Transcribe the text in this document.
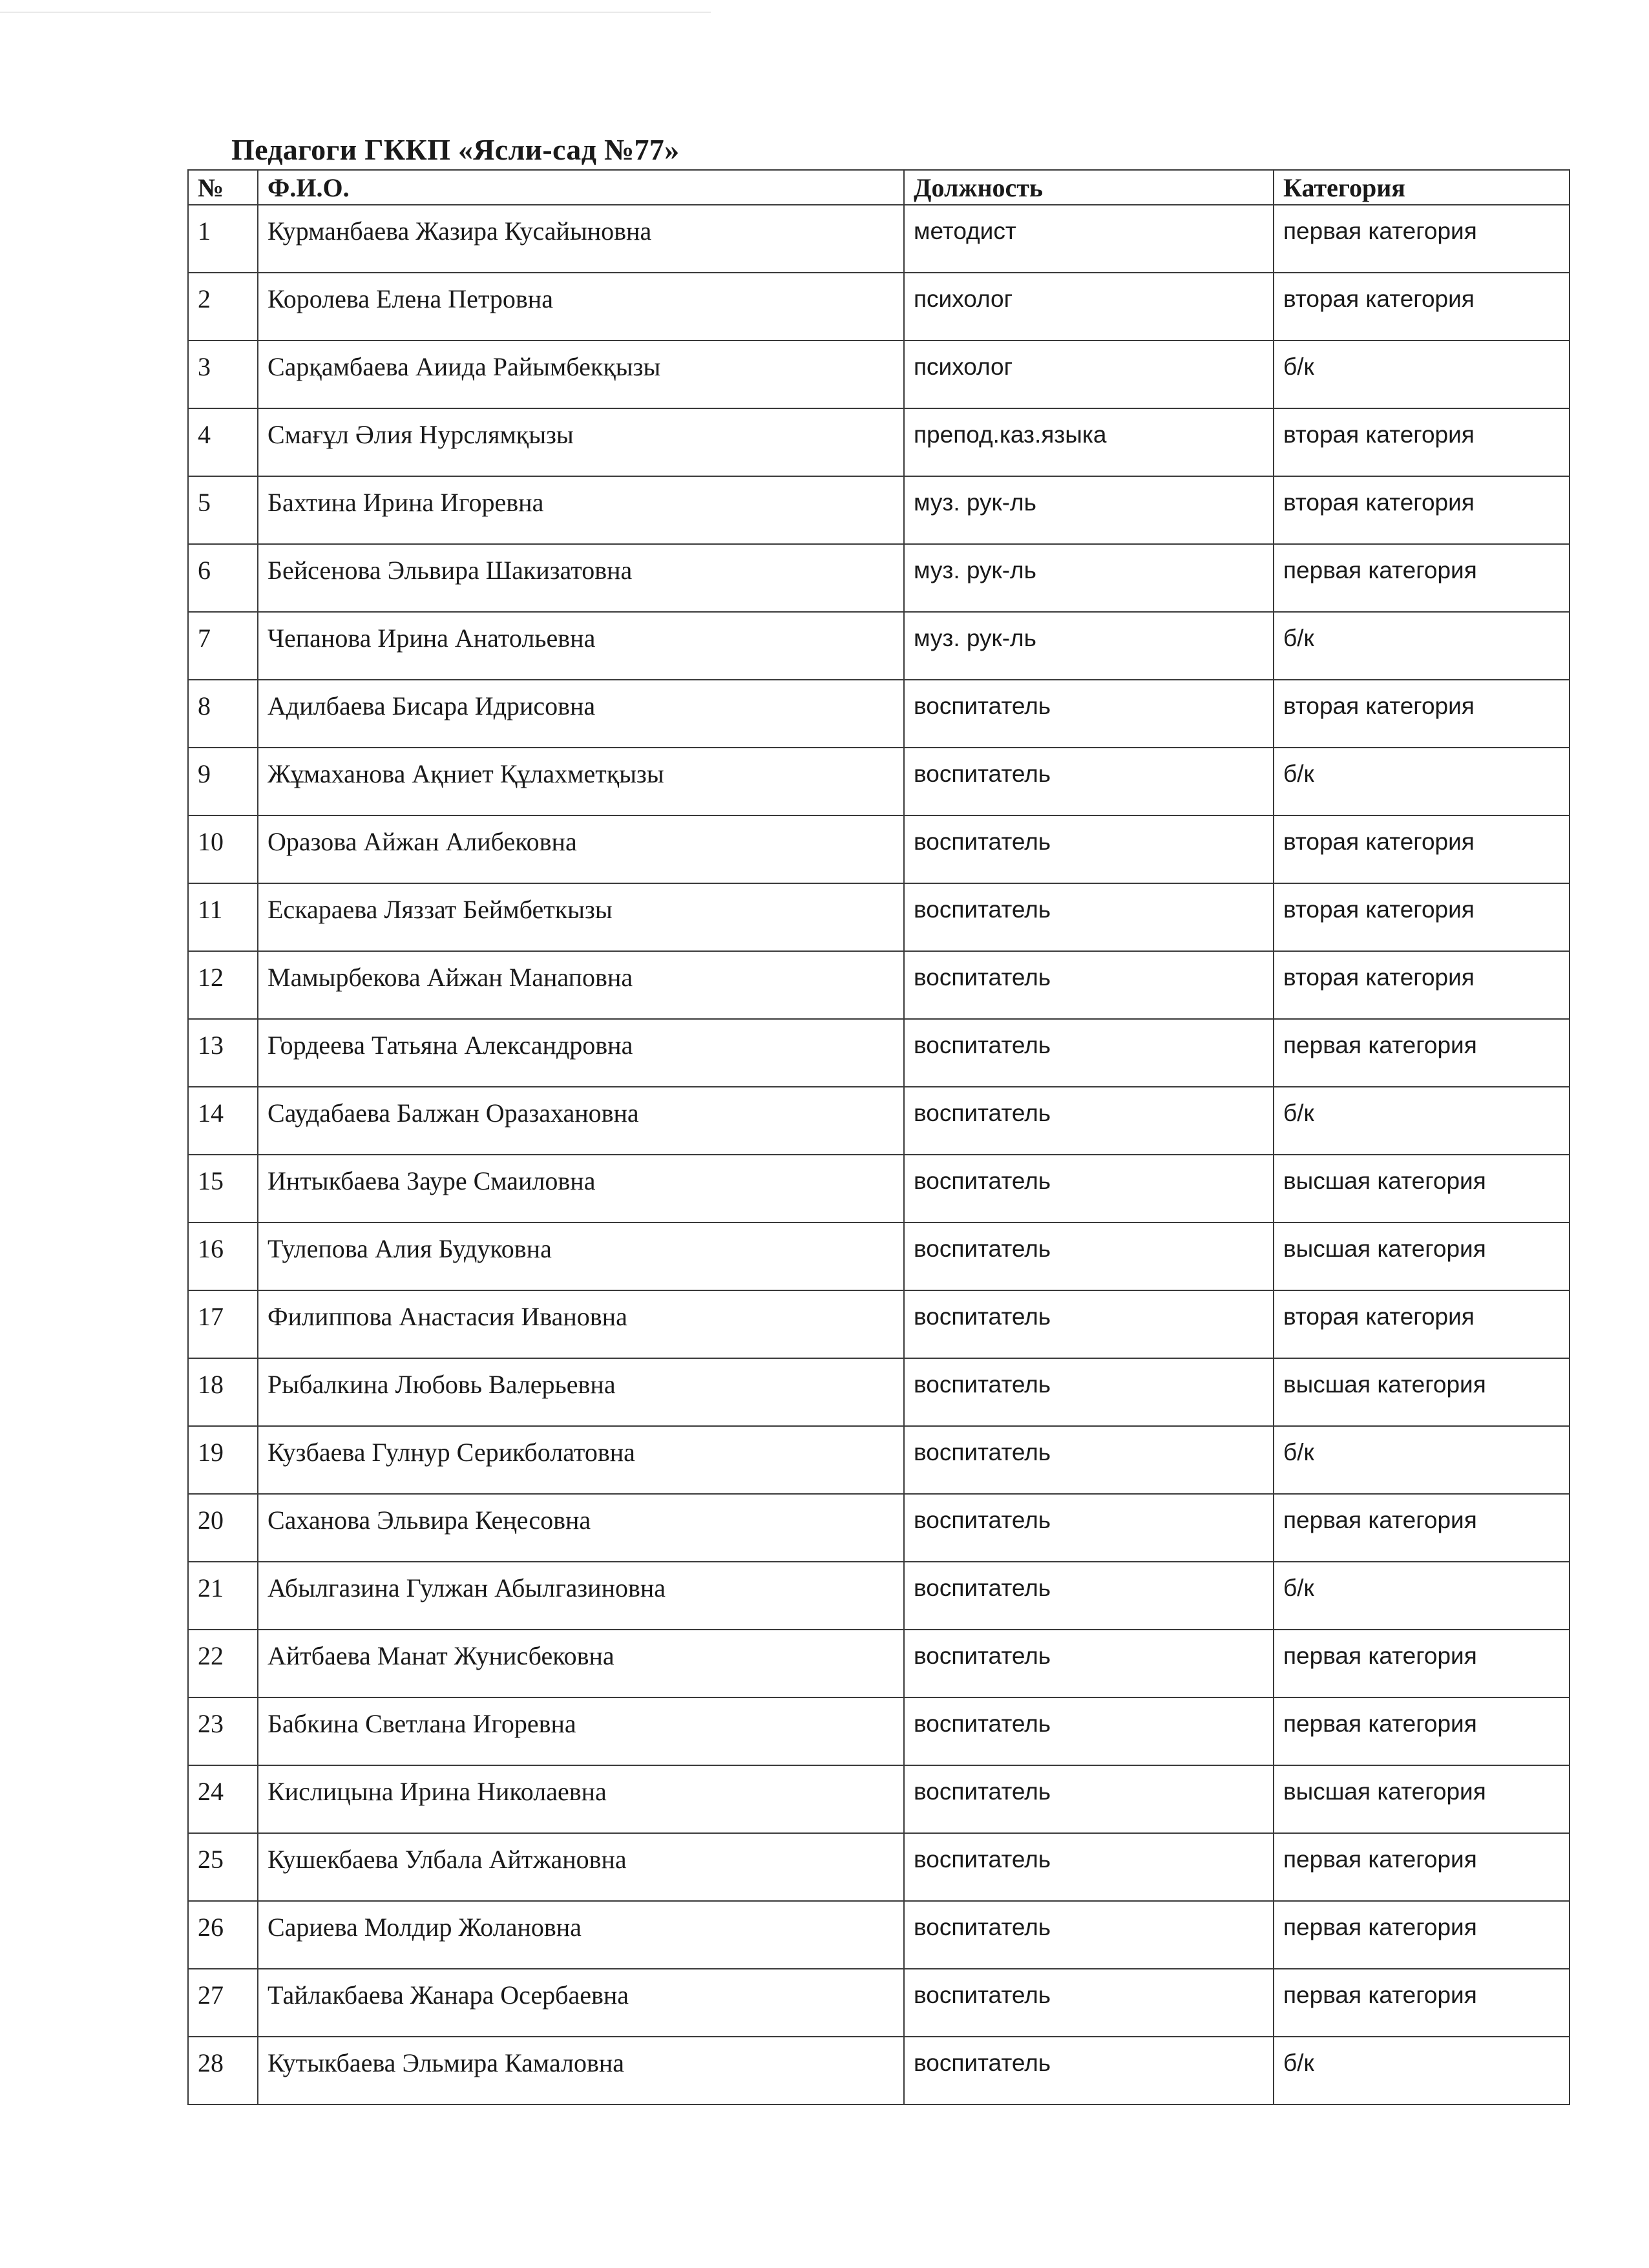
Педагоги ГККП «Ясли-сад №77»
№	Ф.И.О.	Должность	Категория
1	Курманбаева Жазира Кусайыновна	методист	первая категория
2	Королева Елена Петровна	психолог	вторая категория
3	Сарқамбаева Аиида Райымбекқызы	психолог	б/к
4	Смағұл Әлия Нурслямқызы	препод.каз.языка	вторая категория
5	Бахтина Ирина Игоревна	муз. рук-ль	вторая категория
6	Бейсенова Эльвира Шакизатовна	муз. рук-ль	первая категория
7	Чепанова Ирина Анатольевна	муз. рук-ль	б/к
8	Адилбаева Бисара Идрисовна	воспитатель	вторая категория
9	Жұмаханова Ақниет Құлахметқызы	воспитатель	б/к
10	Оразова Айжан Алибековна	воспитатель	вторая категория
11	Ескараева Ляззат Беймбеткызы	воспитатель	вторая категория
12	Мамырбекова Айжан Манаповна	воспитатель	вторая категория
13	Гордеева Татьяна Александровна	воспитатель	первая категория
14	Саудабаева Балжан Оразахановна	воспитатель	б/к
15	Интыкбаева Зауре Смаиловна	воспитатель	высшая категория
16	Тулепова Алия Будуковна	воспитатель	высшая категория
17	Филиппова Анастасия Ивановна	воспитатель	вторая категория
18	Рыбалкина Любовь Валерьевна	воспитатель	высшая категория
19	Кузбаева Гулнур Серикболатовна	воспитатель	б/к
20	Саханова Эльвира Кеңесовна	воспитатель	первая категория
21	Абылгазина Гулжан Абылгазиновна	воспитатель	б/к
22	Айтбаева Манат Жунисбековна	воспитатель	первая категория
23	Бабкина Светлана Игоревна	воспитатель	первая категория
24	Кислицына Ирина Николаевна	воспитатель	высшая категория
25	Кушекбаева Улбала Айтжановна	воспитатель	первая категория
26	Сариева Молдир Жолановна	воспитатель	первая категория
27	Тайлакбаева Жанара Осербаевна	воспитатель	первая категория
28	Кутыкбаева Эльмира Камаловна	воспитатель	б/к
